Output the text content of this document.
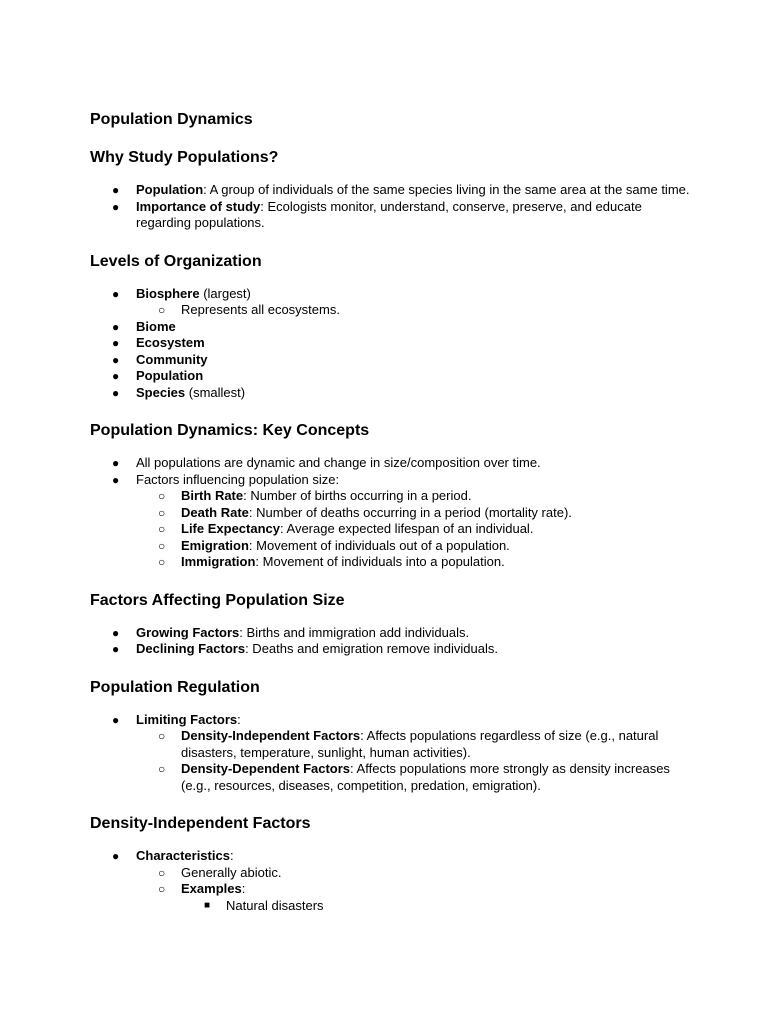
Population Dynamics
Why Study Populations?
● Population: A group of individuals of the same species living in the same area at the same time.
● Importance of study: Ecologists monitor, understand, conserve, preserve, and educate regarding populations.
Levels of Organization
● Biosphere (largest)
○ Represents all ecosystems.
● Biome
● Ecosystem
● Community
● Population
● Species (smallest)
Population Dynamics: Key Concepts
● All populations are dynamic and change in size/composition over time.
● Factors influencing population size:
○ Birth Rate: Number of births occurring in a period.
○ Death Rate: Number of deaths occurring in a period (mortality rate).
○ Life Expectancy: Average expected lifespan of an individual.
○ Emigration: Movement of individuals out of a population.
○ Immigration: Movement of individuals into a population.
Factors Affecting Population Size
● Growing Factors: Births and immigration add individuals.
● Declining Factors: Deaths and emigration remove individuals.
Population Regulation
● Limiting Factors:
○ Density-Independent Factors: Affects populations regardless of size (e.g., natural disasters, temperature, sunlight, human activities).
○ Density-Dependent Factors: Affects populations more strongly as density increases (e.g., resources, diseases, competition, predation, emigration).
Density-Independent Factors
● Characteristics:
○ Generally abiotic.
○ Examples:
■ Natural disasters
